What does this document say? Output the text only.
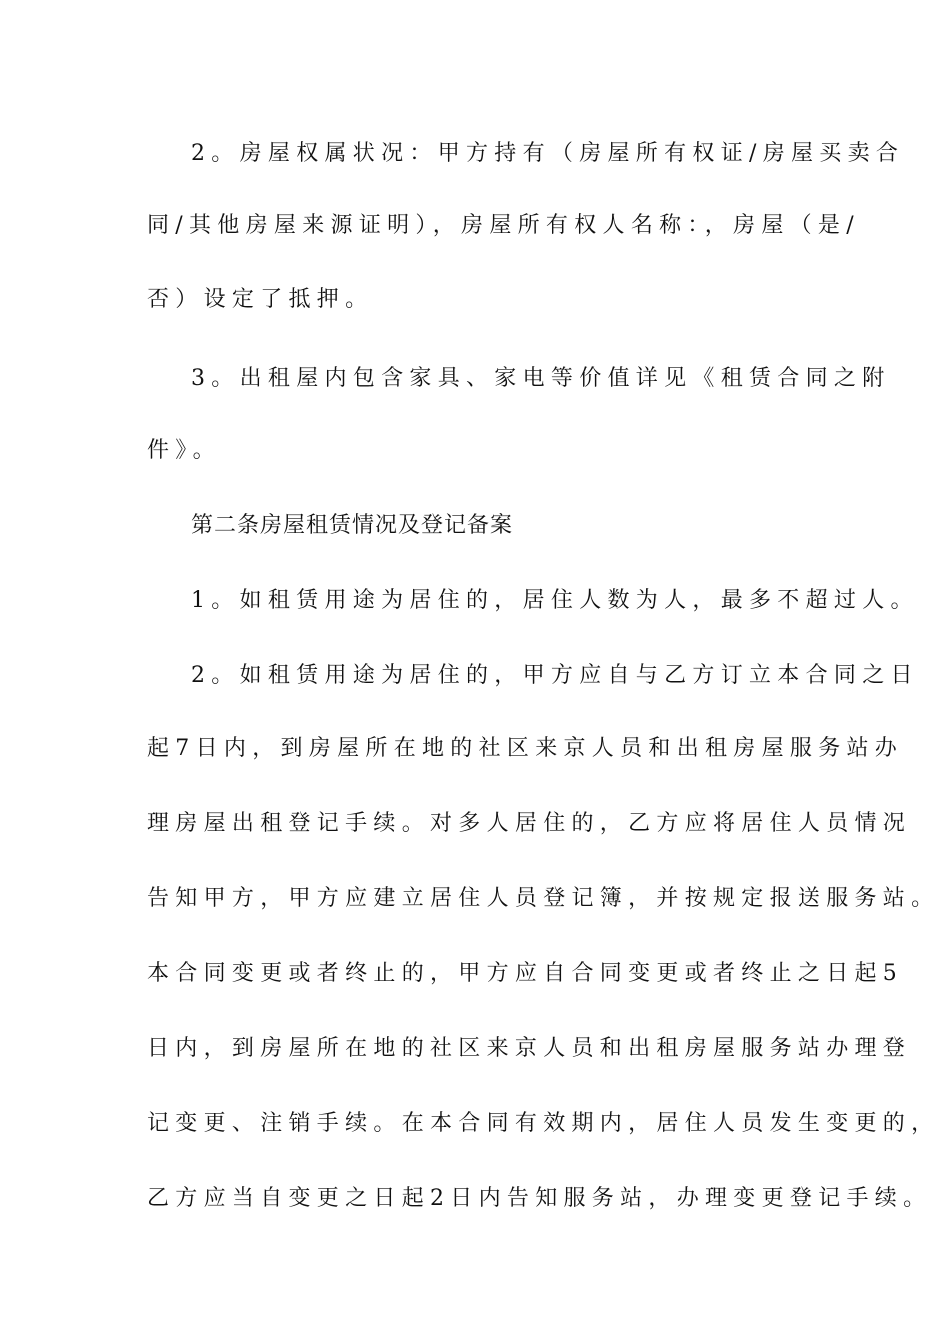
2。房屋权属状况：甲方持有（房屋所有权证/房屋买卖合
同/其他房屋来源证明），房屋所有权人名称：，房屋（是/
否）设定了抵押。
3。出租屋内包含家具、家电等价值详见《租赁合同之附
件》。
第二条房屋租赁情况及登记备案
1。如租赁用途为居住的，居住人数为人，最多不超过人。
2。如租赁用途为居住的，甲方应自与乙方订立本合同之日
起7日内，到房屋所在地的社区来京人员和出租房屋服务站办
理房屋出租登记手续。对多人居住的，乙方应将居住人员情况
告知甲方，甲方应建立居住人员登记簿，并按规定报送服务站。
本合同变更或者终止的，甲方应自合同变更或者终止之日起5
日内，到房屋所在地的社区来京人员和出租房屋服务站办理登
记变更、注销手续。在本合同有效期内，居住人员发生变更的，
乙方应当自变更之日起2日内告知服务站，办理变更登记手续。
